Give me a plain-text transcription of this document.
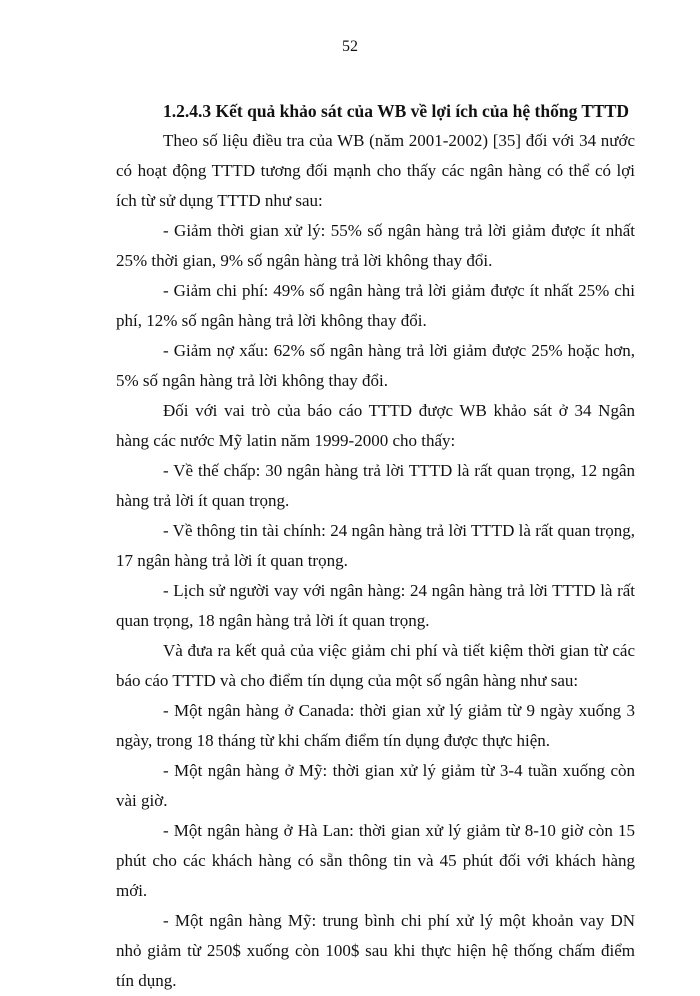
52

1.2.4.3 Kết quả khảo sát của WB về lợi ích của hệ thống TTTD

Theo số liệu điều tra của WB (năm 2001-2002) [35] đối với 34 nước có hoạt động TTTD tương đối mạnh cho thấy các ngân hàng có thể có lợi ích từ sử dụng TTTD như sau:

- Giảm thời gian xử lý: 55% số ngân hàng trả lời giảm được ít nhất 25% thời gian, 9% số ngân hàng trả lời không thay đổi.

- Giảm chi phí: 49% số ngân hàng trả lời giảm được ít nhất 25% chi phí, 12% số ngân hàng trả lời không thay đổi.

- Giảm nợ xấu: 62% số ngân hàng trả lời giảm được 25% hoặc hơn, 5% số ngân hàng trả lời không thay đổi.

Đối với vai trò của báo cáo TTTD được WB khảo sát ở 34 Ngân hàng các nước Mỹ latin năm 1999-2000 cho thấy:

- Về thế chấp: 30 ngân hàng trả lời TTTD là rất quan trọng, 12 ngân hàng trả lời ít quan trọng.

- Về thông tin tài chính: 24 ngân hàng trả lời TTTD là rất quan trọng, 17 ngân hàng trả lời ít quan trọng.

- Lịch sử người vay với ngân hàng: 24 ngân hàng trả lời TTTD là rất quan trọng, 18 ngân hàng trả lời ít quan trọng.

Và đưa ra kết quả của việc giảm chi phí và tiết kiệm thời gian từ các báo cáo TTTD và cho điểm tín dụng của một số ngân hàng như sau:

- Một ngân hàng ở Canada: thời gian xử lý giảm từ 9 ngày xuống 3 ngày, trong 18 tháng từ khi chấm điểm tín dụng được thực hiện.

- Một ngân hàng ở Mỹ: thời gian xử lý giảm từ 3-4 tuần xuống còn vài giờ.

- Một ngân hàng ở Hà Lan: thời gian xử lý giảm từ 8-10 giờ còn 15 phút cho các khách hàng có sẵn thông tin và 45 phút đối với khách hàng mới.

- Một ngân hàng Mỹ: trung bình chi phí xử lý một khoản vay DN nhỏ giảm từ 250$ xuống còn 100$ sau khi thực hiện hệ thống chấm điểm tín dụng.
